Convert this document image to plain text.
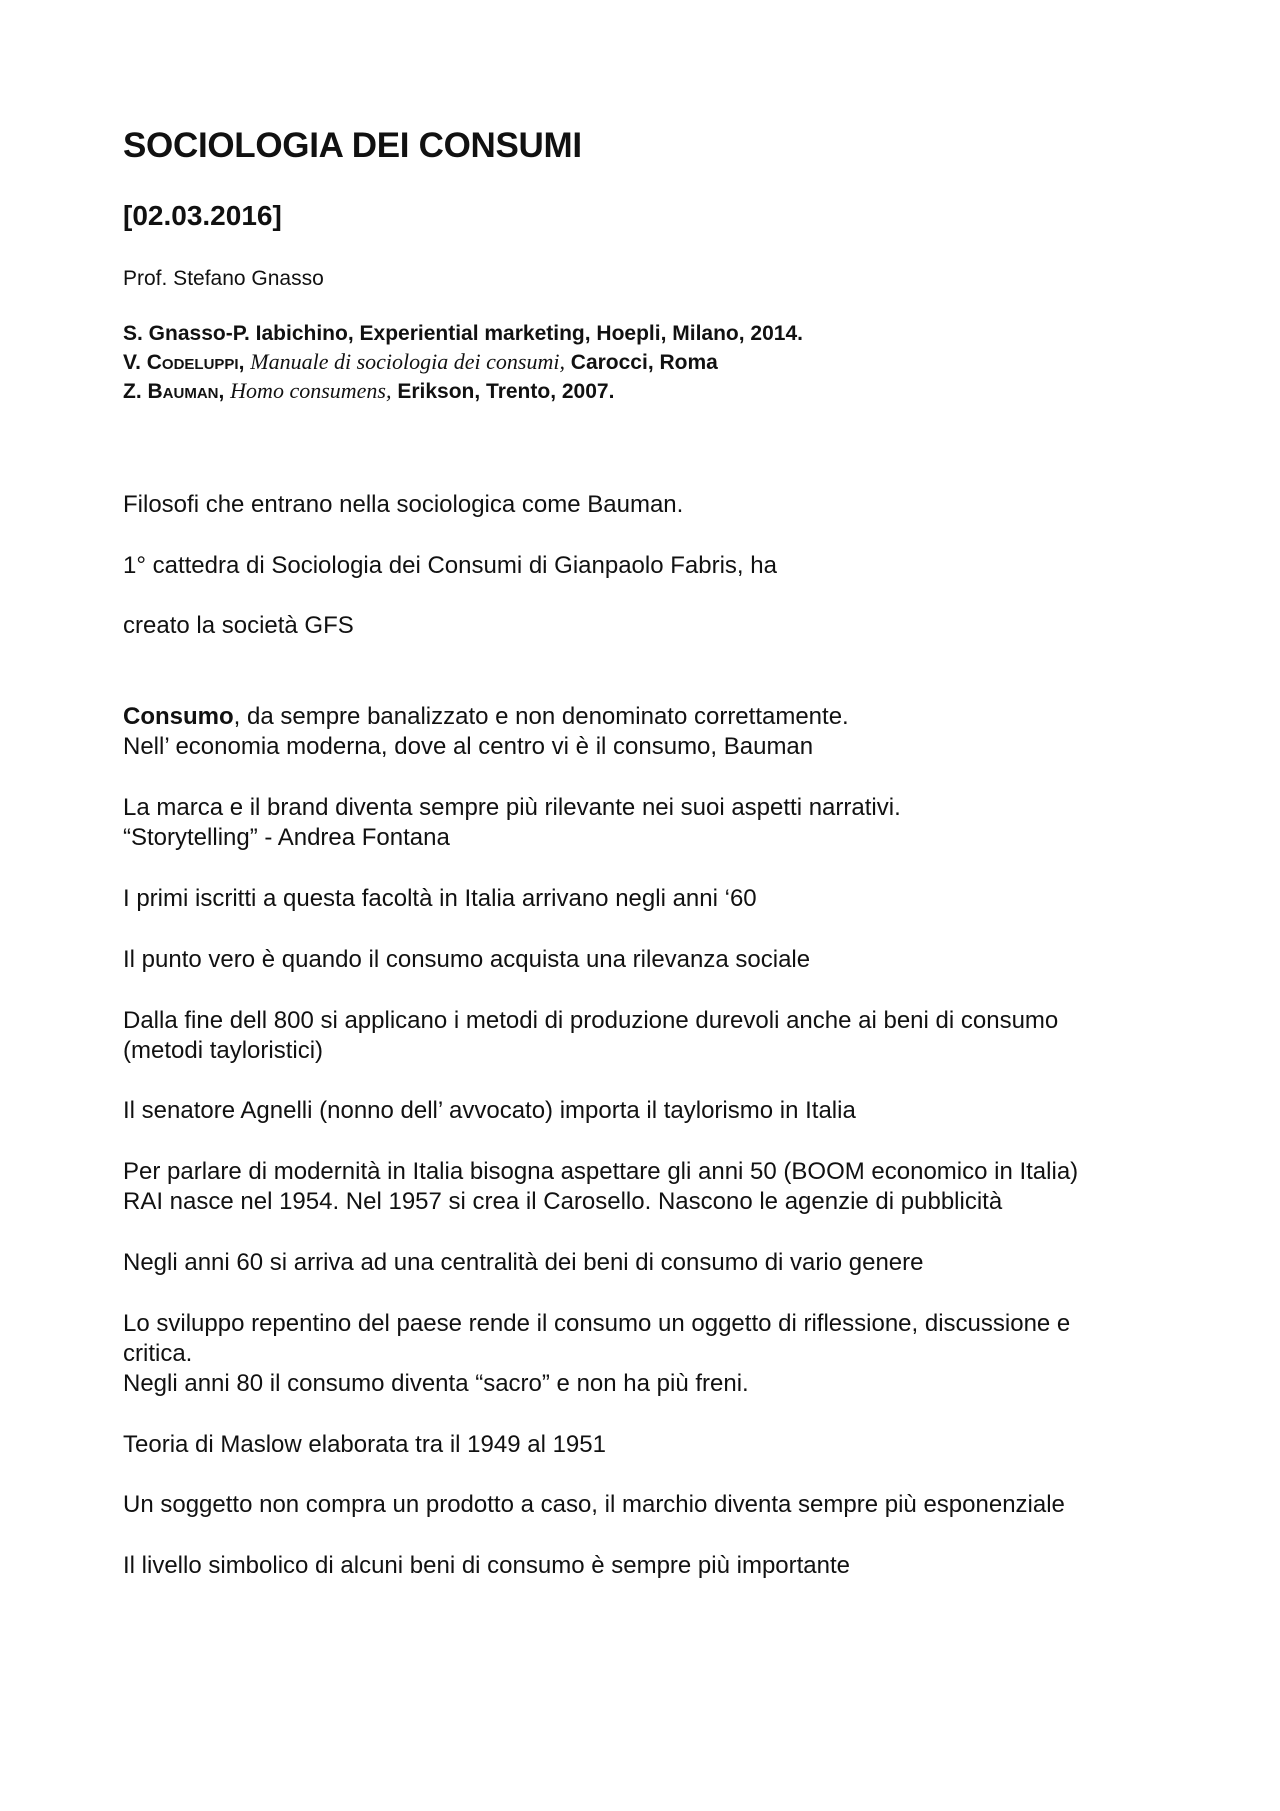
SOCIOLOGIA DEI CONSUMI
[02.03.2016]
Prof. Stefano Gnasso
S. Gnasso-P. Iabichino, Experiential marketing, Hoepli, Milano, 2014.
V. Codeluppi, Manuale di sociologia dei consumi, Carocci, Roma
Z. Bauman, Homo consumens, Erikson, Trento, 2007.
Filosofi che entrano nella sociologica come Bauman.
1° cattedra di Sociologia dei Consumi di Gianpaolo Fabris, ha
creato la società GFS
Consumo, da sempre banalizzato e non denominato correttamente.
Nell’ economia moderna, dove al centro vi è il consumo, Bauman
La marca e il brand diventa sempre più rilevante nei suoi aspetti narrativi.
“Storytelling” - Andrea Fontana
I primi iscritti a questa facoltà in Italia arrivano negli anni ‘60
Il punto vero è quando il consumo acquista una rilevanza sociale
Dalla fine dell 800 si applicano i metodi di produzione durevoli anche ai beni di consumo
(metodi tayloristici)
Il senatore Agnelli (nonno dell’ avvocato) importa il taylorismo in Italia
Per parlare di modernità in Italia bisogna aspettare gli anni 50 (BOOM economico in Italia)
RAI nasce nel 1954. Nel 1957 si crea il Carosello. Nascono le agenzie di pubblicità
Negli anni 60 si arriva ad una centralità dei beni di consumo di vario genere
Lo sviluppo repentino del paese rende il consumo un oggetto di riflessione, discussione e
critica.
Negli anni 80 il consumo diventa “sacro” e non ha più freni.
Teoria di Maslow elaborata tra il 1949 al 1951
Un soggetto non compra un prodotto a caso, il marchio diventa sempre più esponenziale
Il livello simbolico di alcuni beni di consumo è sempre più importante
